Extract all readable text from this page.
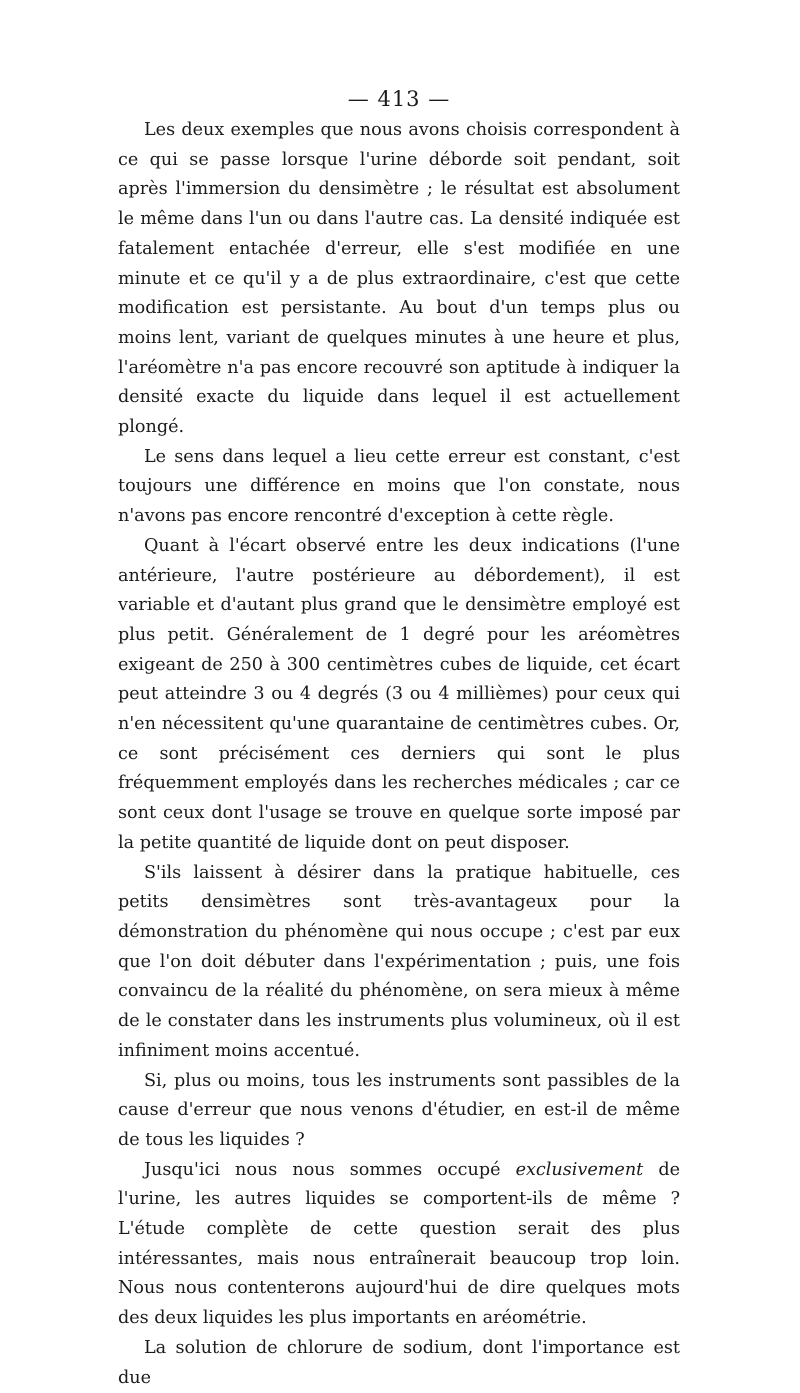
— 413 —

Les deux exemples que nous avons choisis correspondent à ce qui se passe lorsque l'urine déborde soit pendant, soit après l'immersion du densimètre ; le résultat est absolument le même dans l'un ou dans l'autre cas. La densité indiquée est fatalement entachée d'erreur, elle s'est modifiée en une minute et ce qu'il y a de plus extraordinaire, c'est que cette modification est persistante. Au bout d'un temps plus ou moins lent, variant de quelques minutes à une heure et plus, l'aréomètre n'a pas encore recouvré son aptitude à indiquer la densité exacte du liquide dans lequel il est actuellement plongé.

Le sens dans lequel a lieu cette erreur est constant, c'est toujours une différence en moins que l'on constate, nous n'avons pas encore rencontré d'exception à cette règle.

Quant à l'écart observé entre les deux indications (l'une antérieure, l'autre postérieure au débordement), il est variable et d'autant plus grand que le densimètre employé est plus petit. Généralement de 1 degré pour les aréomètres exigeant de 250 à 300 centimètres cubes de liquide, cet écart peut atteindre 3 ou 4 degrés (3 ou 4 millièmes) pour ceux qui n'en nécessitent qu'une quarantaine de centimètres cubes. Or, ce sont précisément ces derniers qui sont le plus fréquemment employés dans les recherches médicales ; car ce sont ceux dont l'usage se trouve en quelque sorte imposé par la petite quantité de liquide dont on peut disposer.

S'ils laissent à désirer dans la pratique habituelle, ces petits densimètres sont très-avantageux pour la démonstration du phénomène qui nous occupe ; c'est par eux que l'on doit débuter dans l'expérimentation ; puis, une fois convaincu de la réalité du phénomène, on sera mieux à même de le constater dans les instruments plus volumineux, où il est infiniment moins accentué.

Si, plus ou moins, tous les instruments sont passibles de la cause d'erreur que nous venons d'étudier, en est-il de même de tous les liquides ?

Jusqu'ici nous nous sommes occupé exclusivement de l'urine, les autres liquides se comportent-ils de même ? L'étude complète de cette question serait des plus intéressantes, mais nous entraînerait beaucoup trop loin. Nous nous contenterons aujourd'hui de dire quelques mots des deux liquides les plus importants en aréométrie.

La solution de chlorure de sodium, dont l'importance est due
